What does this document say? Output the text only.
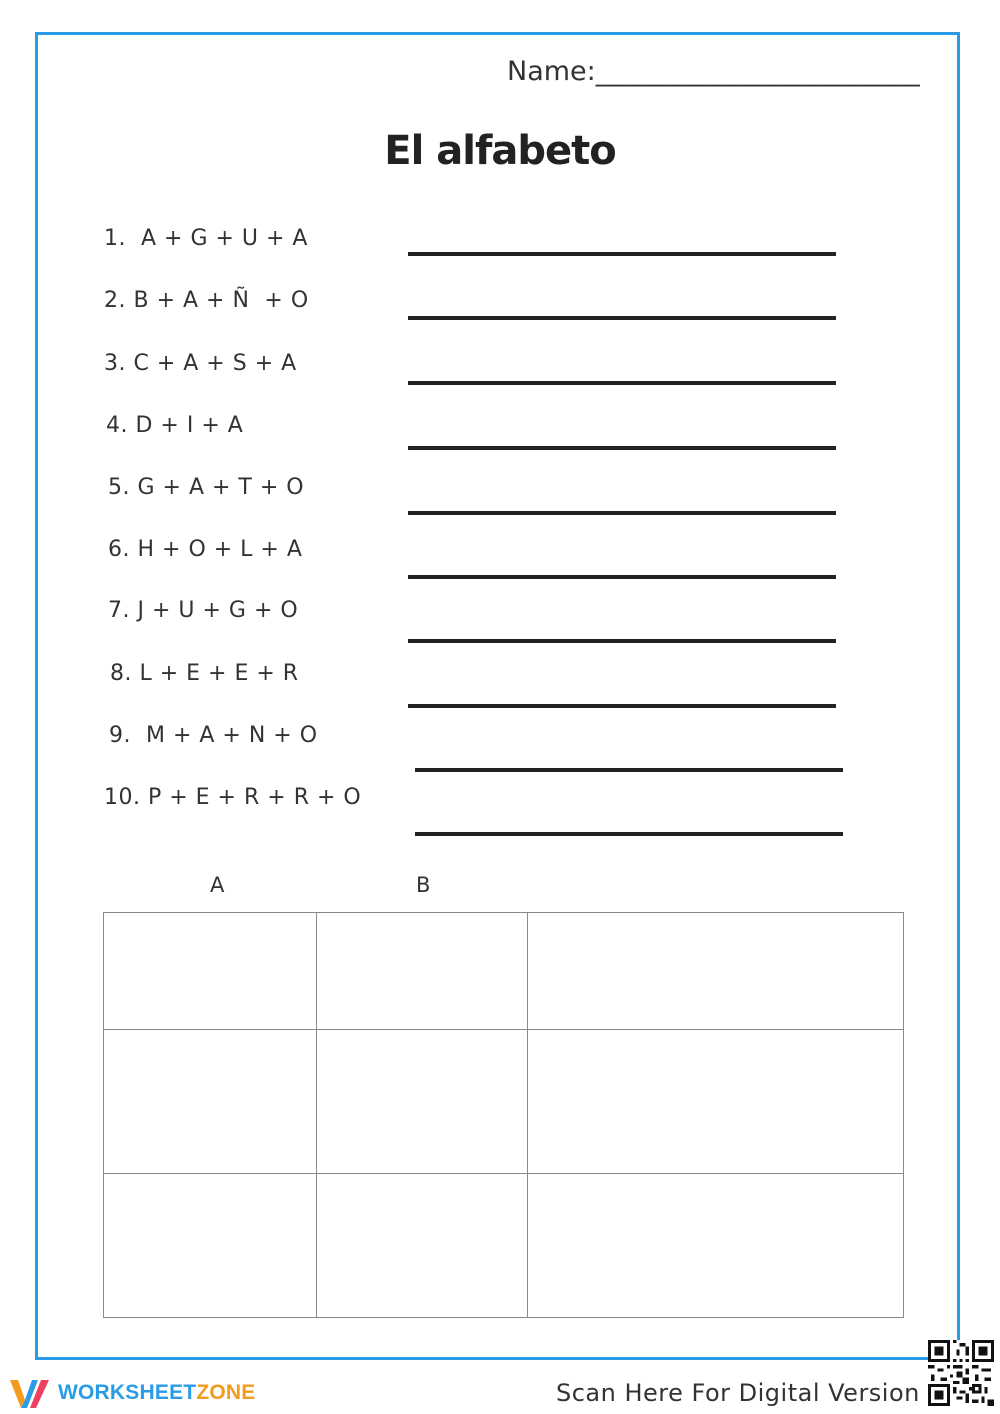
Name:________________________
El alfabeto
1.  A + G + U + A
2. B + A + Ñ  + O
3. C + A + S + A
4. D + I + A
5. G + A + T + O
6. H + O + L + A
7. J + U + G + O
8. L + E + E + R
9.  M + A + N + O
10. P + E + R + R + O
A	B

WORKSHEETZONE	Scan Here For Digital Version
